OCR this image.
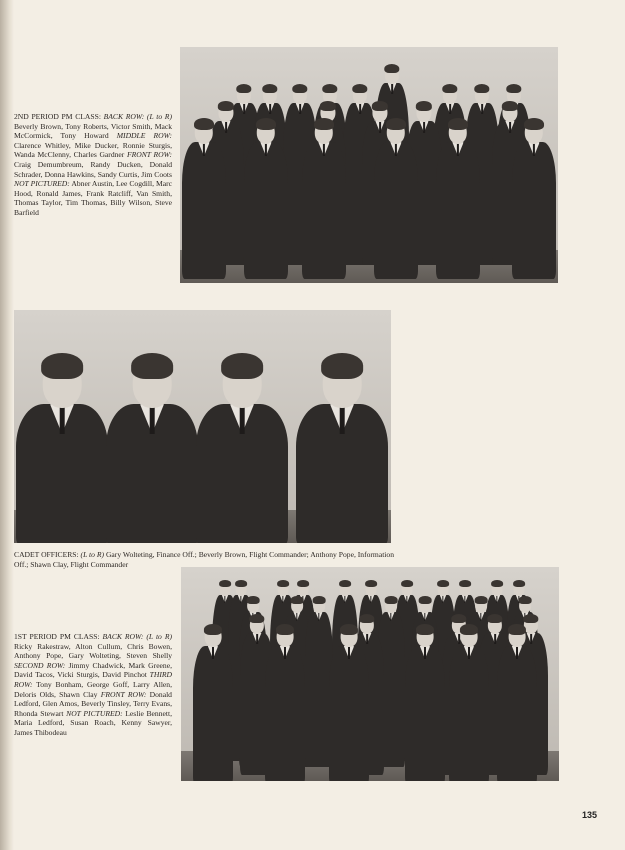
2ND PERIOD PM CLASS: BACK ROW: (L to R) Beverly Brown, Tony Roberts, Victor Smith, Mack McCormick, Tony Howard MIDDLE ROW: Clarence Whitley, Mike Ducker, Ronnie Sturgis, Wanda McClenny, Charles Gardner FRONT ROW: Craig Demumbreum, Randy Ducken, Donald Schrader, Donna Hawkins, Sandy Curtis, Jim Coots NOT PICTURED: Abner Austin, Lee Cogdill, Marc Hood, Ronald James, Frank Ratcliff, Van Smith, Thomas Taylor, Tim Thomas, Billy Wilson, Steve Barfield
CADET OFFICERS: (L to R) Gary Wolteting, Finance Off.; Beverly Brown, Flight Commander; Anthony Pope, Information Off.; Shawn Clay, Flight Commander
1ST PERIOD PM CLASS: BACK ROW: (L to R) Ricky Rakestraw, Alton Cullum, Chris Bowen, Anthony Pope, Gary Wolteting, Steven Shelly SECOND ROW: Jimmy Chadwick, Mark Greene, David Tacos, Vicki Sturgis, David Pinchot THIRD ROW: Tony Bonham, George Goff, Larry Allen, Deloris Olds, Shawn Clay FRONT ROW: Donald Ledford, Glen Amos, Beverly Tinsley, Terry Evans, Rhonda Stewart NOT PICTURED: Leslie Bennett, Maria Ledford, Susan Roach, Kenny Sawyer, James Thibodeau
135
